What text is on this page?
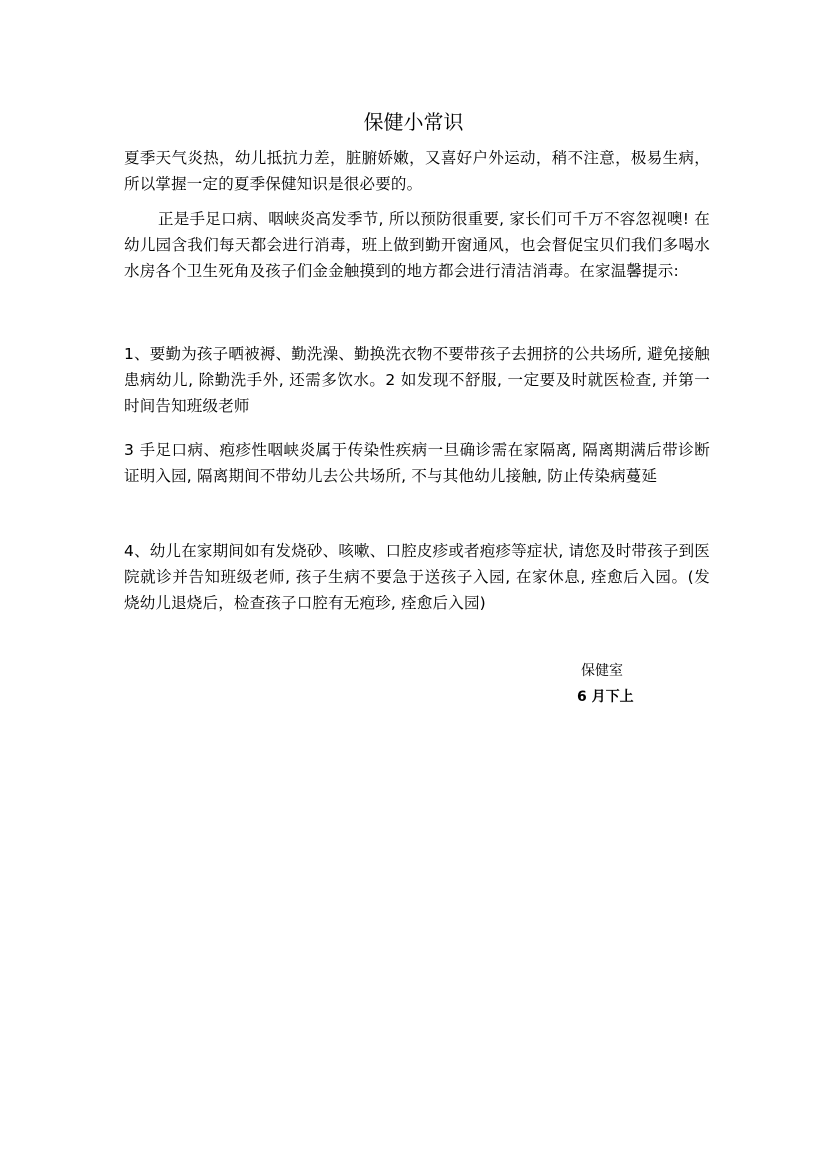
保健小常识

夏季天气炎热，幼儿抵抗力差，脏腑娇嫩，又喜好户外运动，稍不注意，极易生病，所以掌握一定的夏季保健知识是很必要的。

正是手足口病、咽峡炎高发季节, 所以预防很重要, 家长们可千万不容忽视噢! 在幼儿园含我们每天都会进行消毒，班上做到勤开窗通风，也会督促宝贝们我们多喝水水房各个卫生死角及孩子们金金触摸到的地方都会进行清洁消毒。在家温馨提示:

1、要勤为孩子晒被褥、勤洗澡、勤换洗衣物不要带孩子去拥挤的公共场所, 避免接触患病幼儿, 除勤洗手外, 还需多饮水。2 如发现不舒服, 一定要及时就医检查, 并第一时间告知班级老师

3 手足口病、疱疹性咽峡炎属于传染性疾病一旦确诊需在家隔离, 隔离期满后带诊断证明入园, 隔离期间不带幼儿去公共场所, 不与其他幼儿接触, 防止传染病蔓延

4、幼儿在家期间如有发烧砂、咳嗽、口腔皮疹或者疱疹等症状, 请您及时带孩子到医院就诊并告知班级老师, 孩子生病不要急于送孩子入园, 在家休息, 痊愈后入园。(发烧幼儿退烧后，检查孩子口腔有无疱珍, 痊愈后入园)

保健室
6 月下上
